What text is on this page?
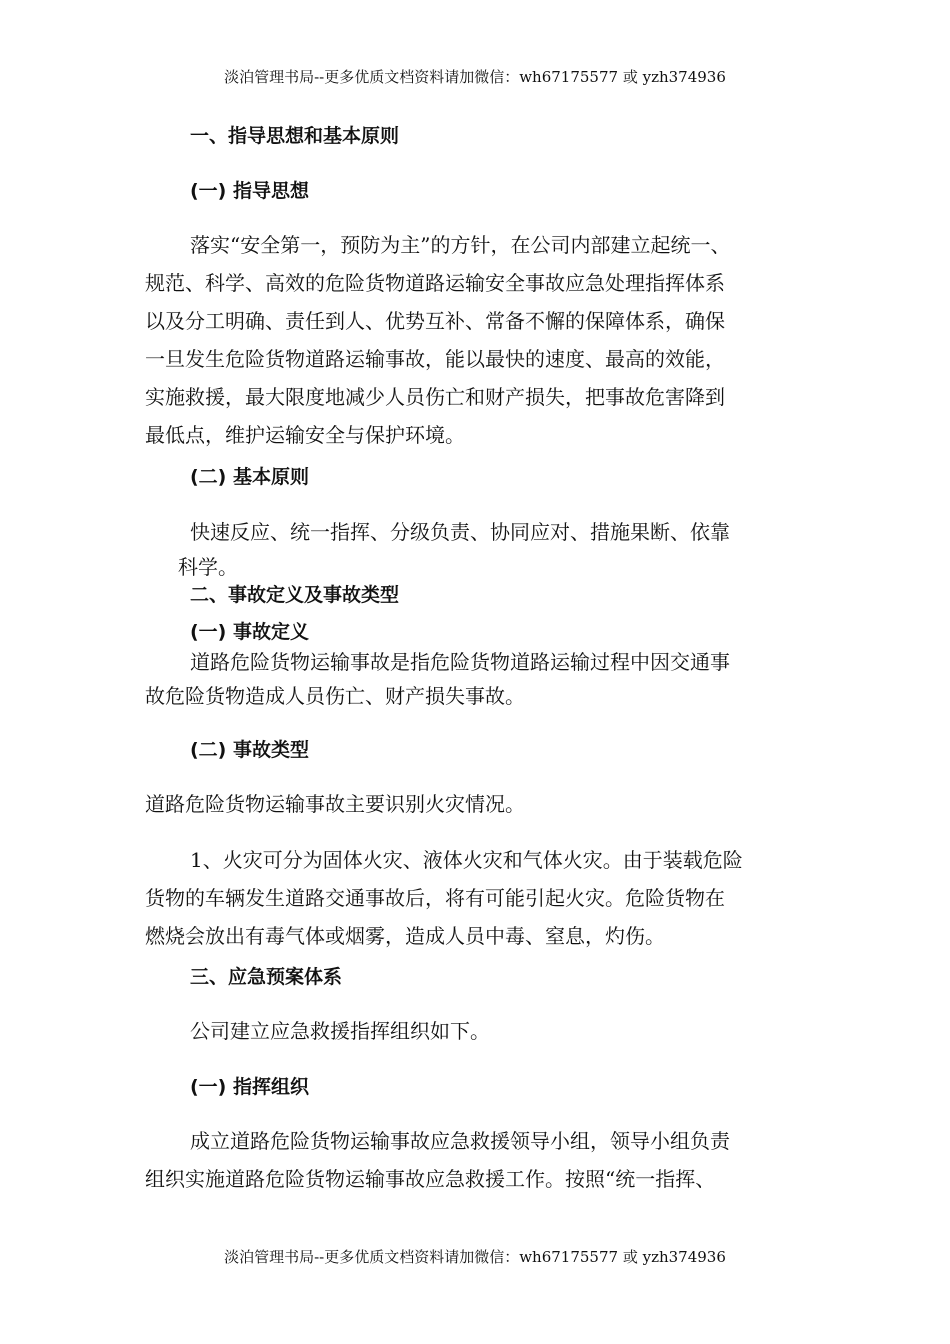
淡泊管理书局--更多优质文档资料请加微信：wh67175577 或 yzh374936
一、指导思想和基本原则
(一) 指导思想
落实“安全第一，预防为主”的方针，在公司内部建立起统一、
规范、科学、高效的危险货物道路运输安全事故应急处理指挥体系
以及分工明确、责任到人、优势互补、常备不懈的保障体系，确保
一旦发生危险货物道路运输事故，能以最快的速度、最高的效能，
实施救援，最大限度地减少人员伤亡和财产损失，把事故危害降到
最低点，维护运输安全与保护环境。
(二) 基本原则
快速反应、统一指挥、分级负责、协同应对、措施果断、依靠
科学。
二、事故定义及事故类型
(一) 事故定义
道路危险货物运输事故是指危险货物道路运输过程中因交通事
故危险货物造成人员伤亡、财产损失事故。
(二) 事故类型
道路危险货物运输事故主要识别火灾情况。
1、火灾可分为固体火灾、液体火灾和气体火灾。由于装载危险
货物的车辆发生道路交通事故后，将有可能引起火灾。危险货物在
燃烧会放出有毒气体或烟雾，造成人员中毒、窒息，灼伤。
三、应急预案体系
公司建立应急救援指挥组织如下。
(一) 指挥组织
成立道路危险货物运输事故应急救援领导小组，领导小组负责
组织实施道路危险货物运输事故应急救援工作。按照“统一指挥、
淡泊管理书局--更多优质文档资料请加微信：wh67175577 或 yzh374936
